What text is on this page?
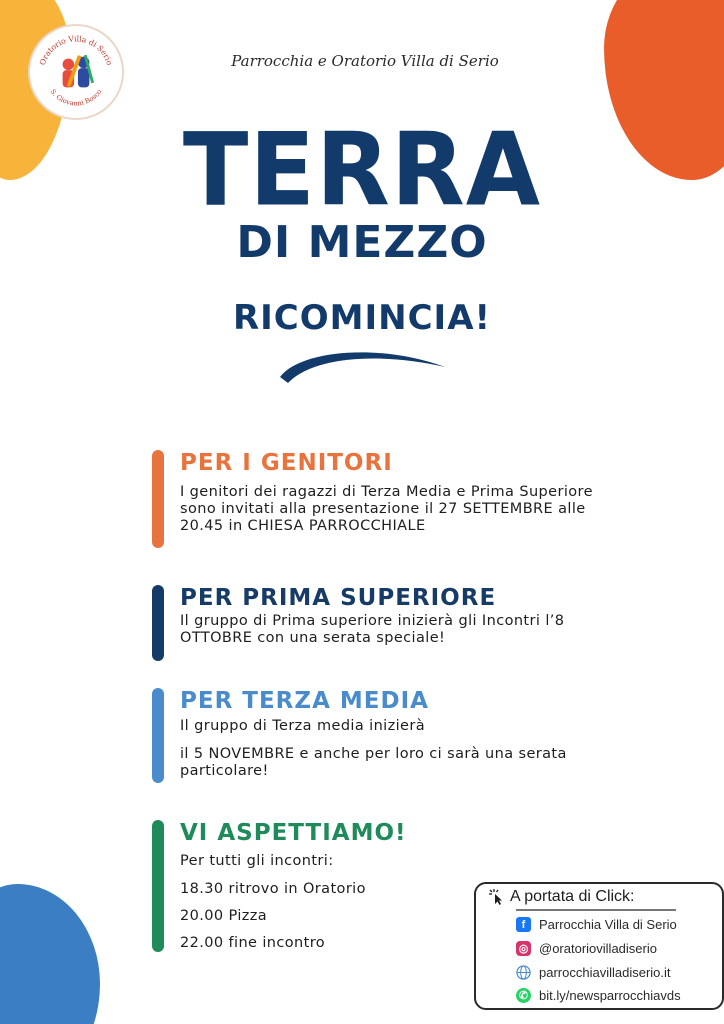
Oratorio Villa di Serio
S. Giovanni Bosco
Parrocchia e Oratorio Villa di Serio
TERRA
DI MEZZO
RICOMINCIA!
PER I GENITORI
I genitori dei ragazzi di Terza Media e Prima Superiore sono invitati alla presentazione il 27 SETTEMBRE alle 20.45 in CHIESA PARROCCHIALE
PER PRIMA SUPERIORE
Il gruppo di Prima superiore inizierà gli Incontri l’8 OTTOBRE con una serata speciale!
PER TERZA MEDIA
Il gruppo di Terza media inizierà
il 5 NOVEMBRE e anche per loro ci sarà una serata particolare!
VI ASPETTIAMO!
Per tutti gli incontri:
18.30 ritrovo in Oratorio
20.00 Pizza
22.00 fine incontro
A portata di Click:
f	Parrocchia Villa di Serio
◎ @oratoriovilladiserio
parrocchiavilladiserio.it
✆ bit.ly/newsparrocchiavds
